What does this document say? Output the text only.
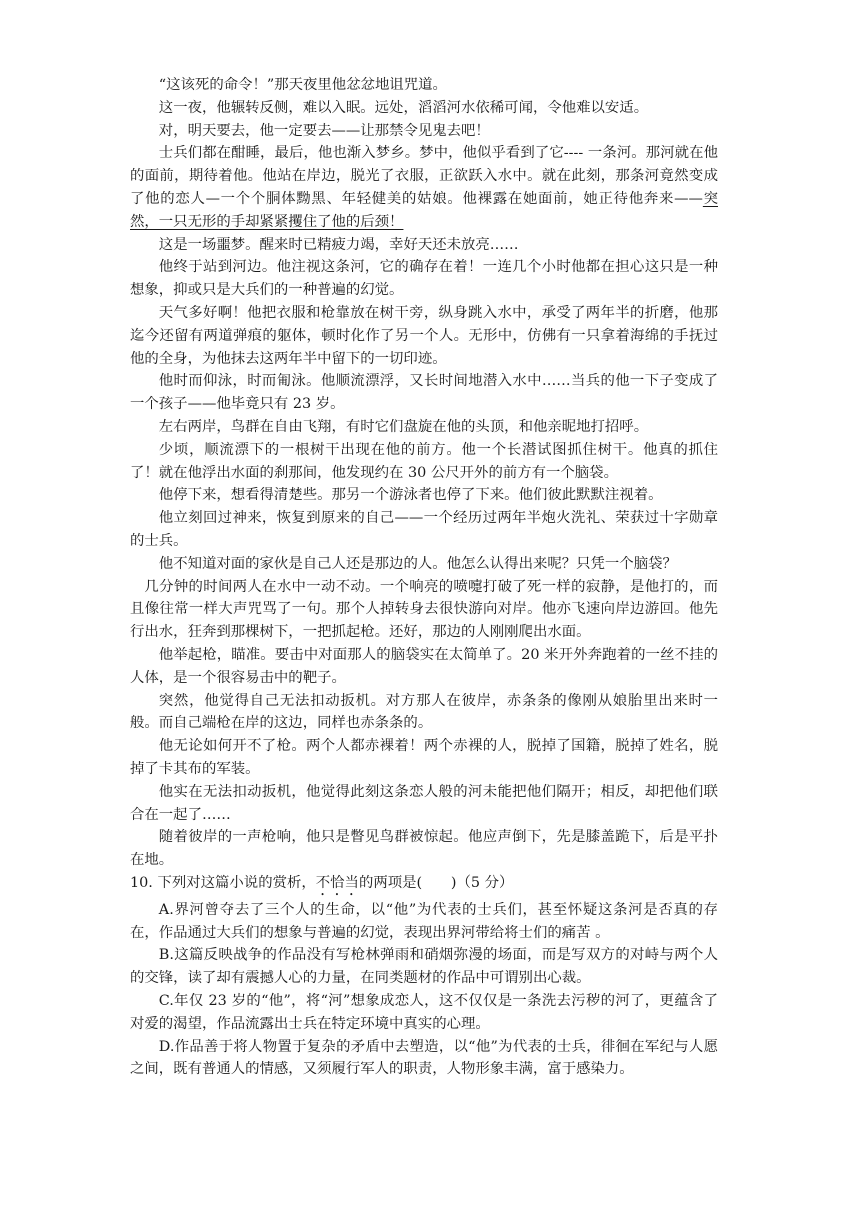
“这该死的命令！”那天夜里他忿忿地诅咒道。

这一夜，他辗转反侧，难以入眠。远处，滔滔河水依稀可闻，令他难以安适。

对，明天要去，他一定要去——让那禁令见鬼去吧！

士兵们都在酣睡，最后，他也渐入梦乡。梦中，他似乎看到了它---- 一条河。那河就在他的面前，期待着他。他站在岸边，脱光了衣服，正欲跃入水中。就在此刻，那条河竟然变成了他的恋人—一个个胴体黝黑、年轻健美的姑娘。他裸露在她面前，她正待他奔来——突然，一只无形的手却紧紧攫住了他的后颈！

这是一场噩梦。醒来时已精疲力竭，幸好天还未放亮……

他终于站到河边。他注视这条河，它的确存在着！一连几个小时他都在担心这只是一种想象，抑或只是大兵们的一种普遍的幻觉。

天气多好啊！他把衣服和枪靠放在树干旁，纵身跳入水中，承受了两年半的折磨，他那迄今还留有两道弹痕的躯体，顿时化作了另一个人。无形中，仿佛有一只拿着海绵的手抚过他的全身，为他抹去这两年半中留下的一切印迹。

他时而仰泳，时而匍泳。他顺流漂浮，又长时间地潜入水中……当兵的他一下子变成了一个孩子——他毕竟只有 23 岁。

左右两岸，鸟群在自由飞翔，有时它们盘旋在他的头顶，和他亲昵地打招呼。

少顷，顺流漂下的一根树干出现在他的前方。他一个长潜试图抓住树干。他真的抓住了！就在他浮出水面的刹那间，他发现约在 30 公尺开外的前方有一个脑袋。

他停下来，想看得清楚些。那另一个游泳者也停了下来。他们彼此默默注视着。

他立刻回过神来，恢复到原来的自己——一个经历过两年半炮火洗礼、荣获过十字勋章的士兵。

他不知道对面的家伙是自己人还是那边的人。他怎么认得出来呢？只凭一个脑袋？

几分钟的时间两人在水中一动不动。一个响亮的喷嚏打破了死一样的寂静，是他打的，而且像往常一样大声咒骂了一句。那个人掉转身去很快游向对岸。他亦飞速向岸边游回。他先行出水，狂奔到那棵树下，一把抓起枪。还好，那边的人刚刚爬出水面。

他举起枪，瞄准。要击中对面那人的脑袋实在太简单了。20 米开外奔跑着的一丝不挂的人体，是一个很容易击中的靶子。

突然，他觉得自己无法扣动扳机。对方那人在彼岸，赤条条的像刚从娘胎里出来时一般。而自己端枪在岸的这边，同样也赤条条的。

他无论如何开不了枪。两个人都赤裸着！两个赤裸的人，脱掉了国籍，脱掉了姓名，脱掉了卡其布的军装。

他实在无法扣动扳机，他觉得此刻这条恋人般的河未能把他们隔开；相反，却把他们联合在一起了……

随着彼岸的一声枪响，他只是瞥见鸟群被惊起。他应声倒下，先是膝盖跪下，后是平扑在地。

10. 下列对这篇小说的赏析，不恰当的两项是(　　)（5 分）

A.界河曾夺去了三个人的生命，以“他”为代表的士兵们，甚至怀疑这条河是否真的存在，作品通过大兵们的想象与普遍的幻觉，表现出界河带给将士们的痛苦 。

B.这篇反映战争的作品没有写枪林弹雨和硝烟弥漫的场面，而是写双方的对峙与两个人的交锋，读了却有震撼人心的力量，在同类题材的作品中可谓别出心裁。

C.年仅 23 岁的“他”，将“河”想象成恋人，这不仅仅是一条洗去污秽的河了，更蕴含了对爱的渴望，作品流露出士兵在特定环境中真实的心理。

D.作品善于将人物置于复杂的矛盾中去塑造，以“他”为代表的士兵，徘徊在军纪与人愿之间，既有普通人的情感，又须履行军人的职责，人物形象丰满，富于感染力。
